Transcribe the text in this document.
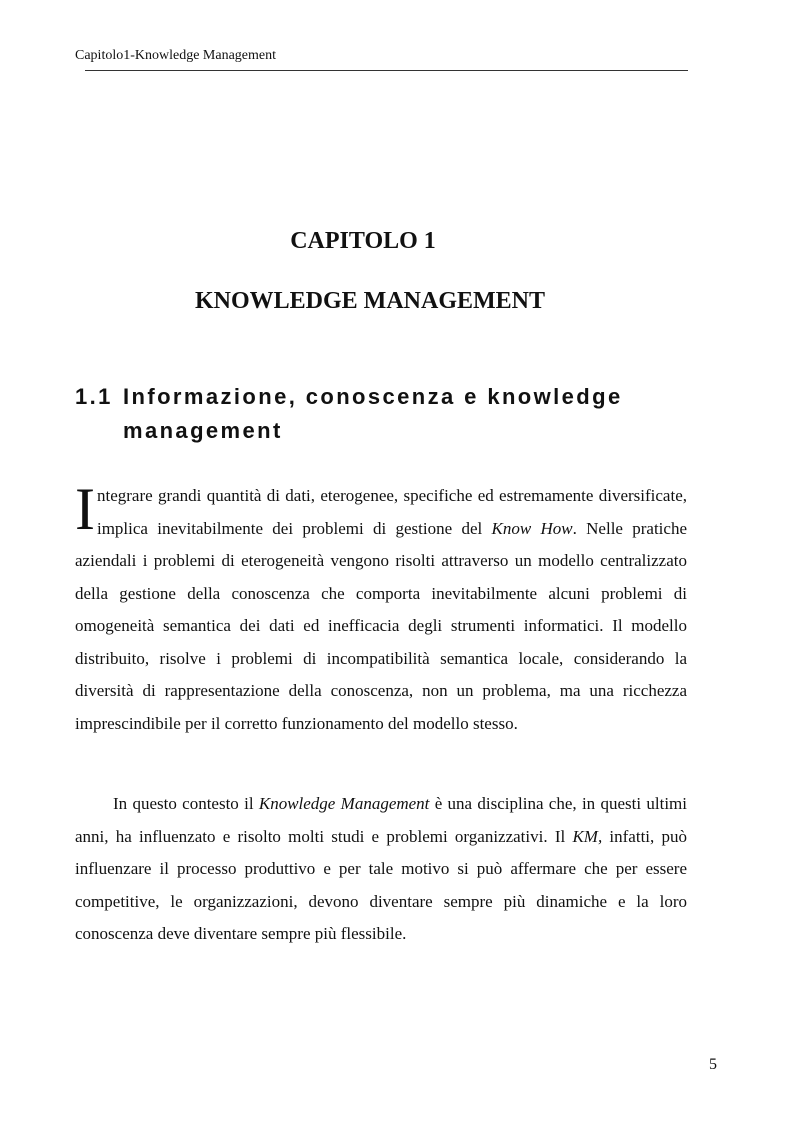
Capitolo1-Knowledge Management
CAPITOLO 1
KNOWLEDGE MANAGEMENT
1.1 Informazione, conoscenza e knowledge
management
Integrare grandi quantità di dati, eterogenee, specifiche ed estremamente diversificate, implica inevitabilmente dei problemi di gestione del Know How. Nelle pratiche aziendali i problemi di eterogeneità vengono risolti attraverso un modello centralizzato della gestione della conoscenza che comporta inevitabilmente alcuni problemi di omogeneità semantica dei dati ed inefficacia degli strumenti informatici. Il modello distribuito, risolve i problemi di incompatibilità semantica locale, considerando la diversità di rappresentazione della conoscenza, non un problema, ma una ricchezza imprescindibile per il corretto funzionamento del modello stesso.
In questo contesto il Knowledge Management è una disciplina che, in questi ultimi anni, ha influenzato e risolto molti studi e problemi organizzativi. Il KM, infatti, può influenzare il processo produttivo e per tale motivo si può affermare che per essere competitive, le organizzazioni, devono diventare sempre più dinamiche e la loro conoscenza deve diventare sempre più flessibile.
5
